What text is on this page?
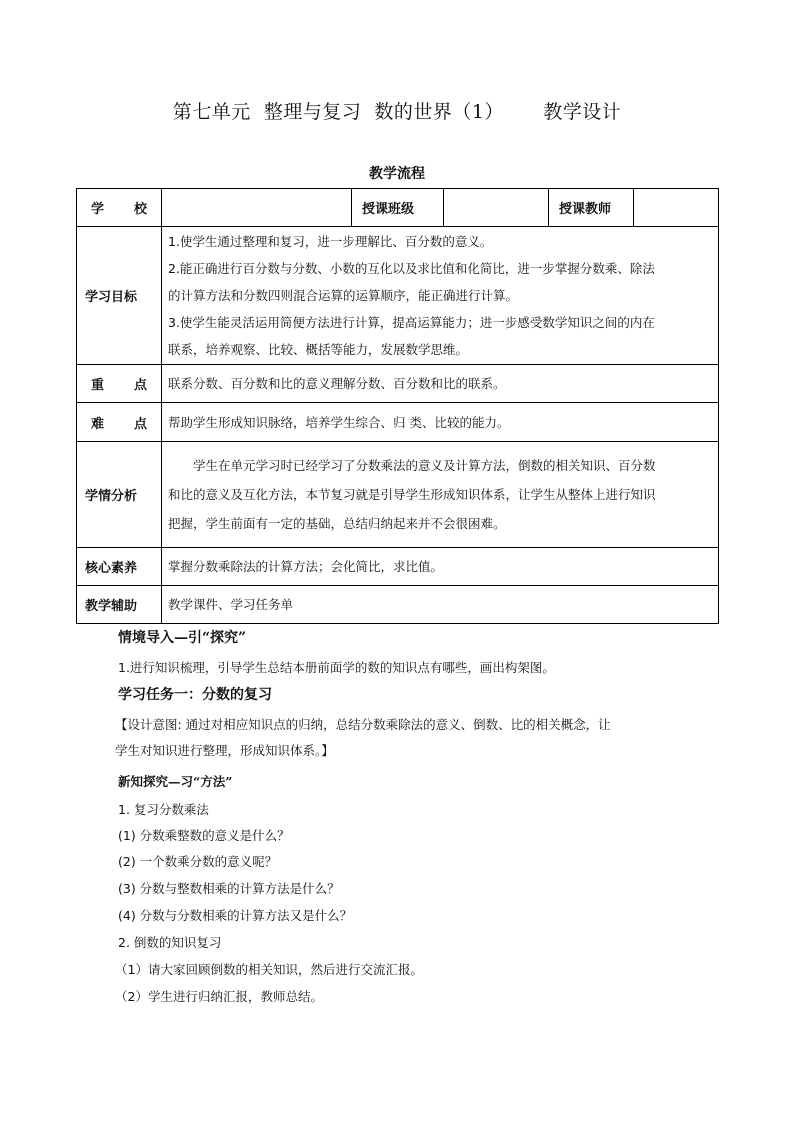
第七单元  整理与复习  数的世界（1）      教学设计
教学流程
学 校		授课班级		授课教师	
学习目标	1.使学生通过整理和复习，进一步理解比、百分数的意义。

2.能正确进行百分数与分数、小数的互化以及求比值和化简比，进一步掌握分数乘、除法

的计算方法和分数四则混合运算的运算顺序，能正确进行计算。

3.使学生能灵活运用简便方法进行计算，提高运算能力；进一步感受数学知识之间的内在

联系，培养观察、比较、概括等能力，发展数学思维。				

重 点	联系分数、百分数和比的意义理解分数、百分数和比的联系。				
难 点	帮助学生形成知识脉络，培养学生综合、归 类、比较的能力。				
学情分析	学生在单元学习时已经学习了分数乘法的意义及计算方法，倒数的相关知识、百分数
和比的意义及互化方法，本节复习就是引导学生形成知识体系，让学生从整体上进行知识
把握，学生前面有一定的基础，总结归纳起来并不会很困难。				

核心素养	掌握分数乘除法的计算方法；会化简比，求比值。				
教学辅助	教学课件、学习任务单				
情境导入—引“探究”
1.进行知识梳理，引导学生总结本册前面学的数的知识点有哪些，画出构架图。
学习任务一：分数的复习
【设计意图: 通过对相应知识点的归纳，总结分数乘除法的意义、倒数、比的相关概念，让
学生对知识进行整理，形成知识体系。】
新知探究—习“方法”
1. 复习分数乘法
(1) 分数乘整数的意义是什么？
(2) 一个数乘分数的意义呢？
(3) 分数与整数相乘的计算方法是什么？
(4) 分数与分数相乘的计算方法又是什么？
2. 倒数的知识复习
（1）请大家回顾倒数的相关知识，然后进行交流汇报。
（2）学生进行归纳汇报，教师总结。
